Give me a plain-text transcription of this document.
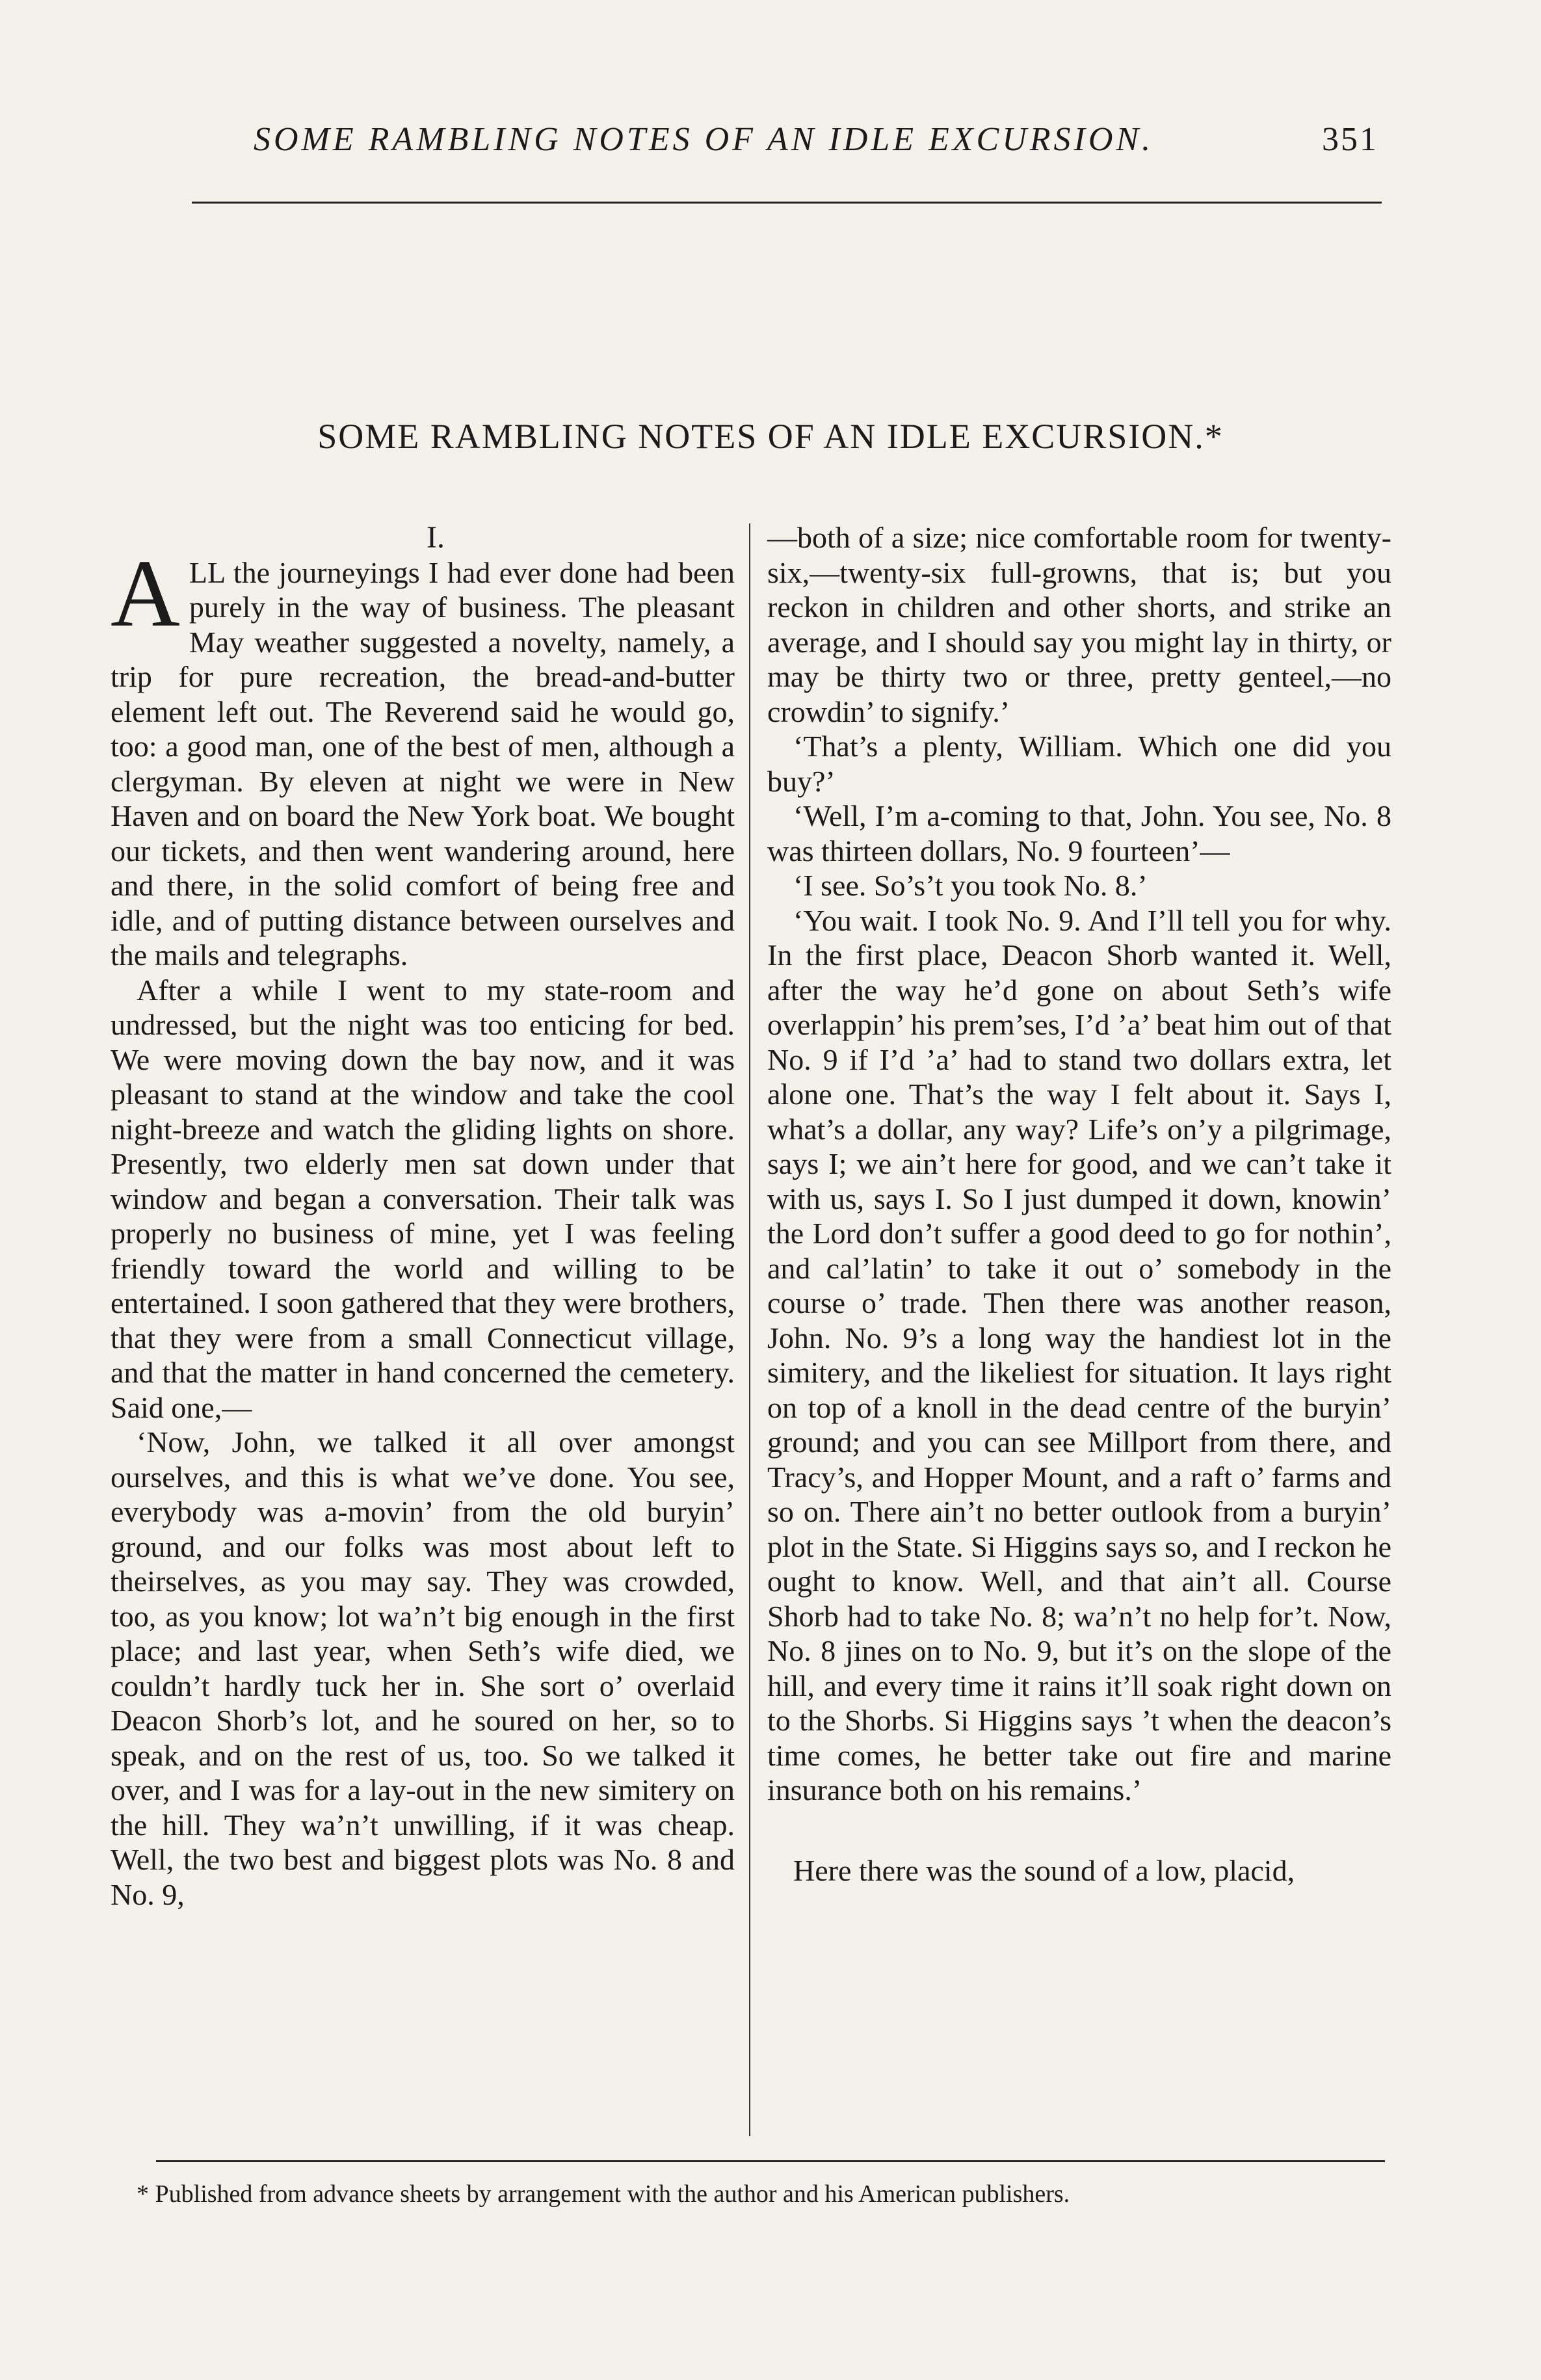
SOME RAMBLING NOTES OF AN IDLE EXCURSION.	351
SOME RAMBLING NOTES OF AN IDLE EXCURSION.*

I.

ALL the journeyings I had ever done had been purely in the way of business. The pleasant May weather suggested a novelty, namely, a trip for pure recreation, the bread-and-butter element left out. The Reverend said he would go, too: a good man, one of the best of men, although a clergyman. By eleven at night we were in New Haven and on board the New York boat. We bought our tickets, and then went wandering around, here and there, in the solid comfort of being free and idle, and of putting distance between ourselves and the mails and telegraphs.

After a while I went to my state-room and undressed, but the night was too enticing for bed. We were moving down the bay now, and it was pleasant to stand at the window and take the cool night-breeze and watch the gliding lights on shore. Presently, two elderly men sat down under that window and began a conversation. Their talk was properly no business of mine, yet I was feeling friendly toward the world and willing to be entertained. I soon gathered that they were brothers, that they were from a small Connecticut village, and that the matter in hand concerned the cemetery. Said one,—

‘Now, John, we talked it all over amongst ourselves, and this is what we’ve done. You see, everybody was a-movin’ from the old buryin’ ground, and our folks was most about left to theirselves, as you may say. They was crowded, too, as you know; lot wa’n’t big enough in the first place; and last year, when Seth’s wife died, we couldn’t hardly tuck her in. She sort o’ overlaid Deacon Shorb’s lot, and he soured on her, so to speak, and on the rest of us, too. So we talked it over, and I was for a lay-out in the new simitery on the hill. They wa’n’t unwilling, if it was cheap. Well, the two best and biggest plots was No. 8 and No. 9,

—both of a size; nice comfortable room for twenty-six,—twenty-six full-growns, that is; but you reckon in children and other shorts, and strike an average, and I should say you might lay in thirty, or may be thirty two or three, pretty genteel,—no crowdin’ to signify.’

‘That’s a plenty, William. Which one did you buy?’

‘Well, I’m a-coming to that, John. You see, No. 8 was thirteen dollars, No. 9 fourteen’—

‘I see. So’s’t you took No. 8.’

‘You wait. I took No. 9. And I’ll tell you for why. In the first place, Deacon Shorb wanted it. Well, after the way he’d gone on about Seth’s wife overlappin’ his prem’ses, I’d ’a’ beat him out of that No. 9 if I’d ’a’ had to stand two dollars extra, let alone one. That’s the way I felt about it. Says I, what’s a dollar, any way? Life’s on’y a pilgrimage, says I; we ain’t here for good, and we can’t take it with us, says I. So I just dumped it down, knowin’ the Lord don’t suffer a good deed to go for nothin’, and cal’latin’ to take it out o’ somebody in the course o’ trade. Then there was another reason, John. No. 9’s a long way the handiest lot in the simitery, and the likeliest for situation. It lays right on top of a knoll in the dead centre of the buryin’ ground; and you can see Millport from there, and Tracy’s, and Hopper Mount, and a raft o’ farms and so on. There ain’t no better outlook from a buryin’ plot in the State. Si Higgins says so, and I reckon he ought to know. Well, and that ain’t all. Course Shorb had to take No. 8; wa’n’t no help for’t. Now, No. 8 jines on to No. 9, but it’s on the slope of the hill, and every time it rains it’ll soak right down on to the Shorbs. Si Higgins says ’t when the deacon’s time comes, he better take out fire and marine insurance both on his remains.’

Here there was the sound of a low, placid,

* Published from advance sheets by arrangement with the author and his American publishers.
